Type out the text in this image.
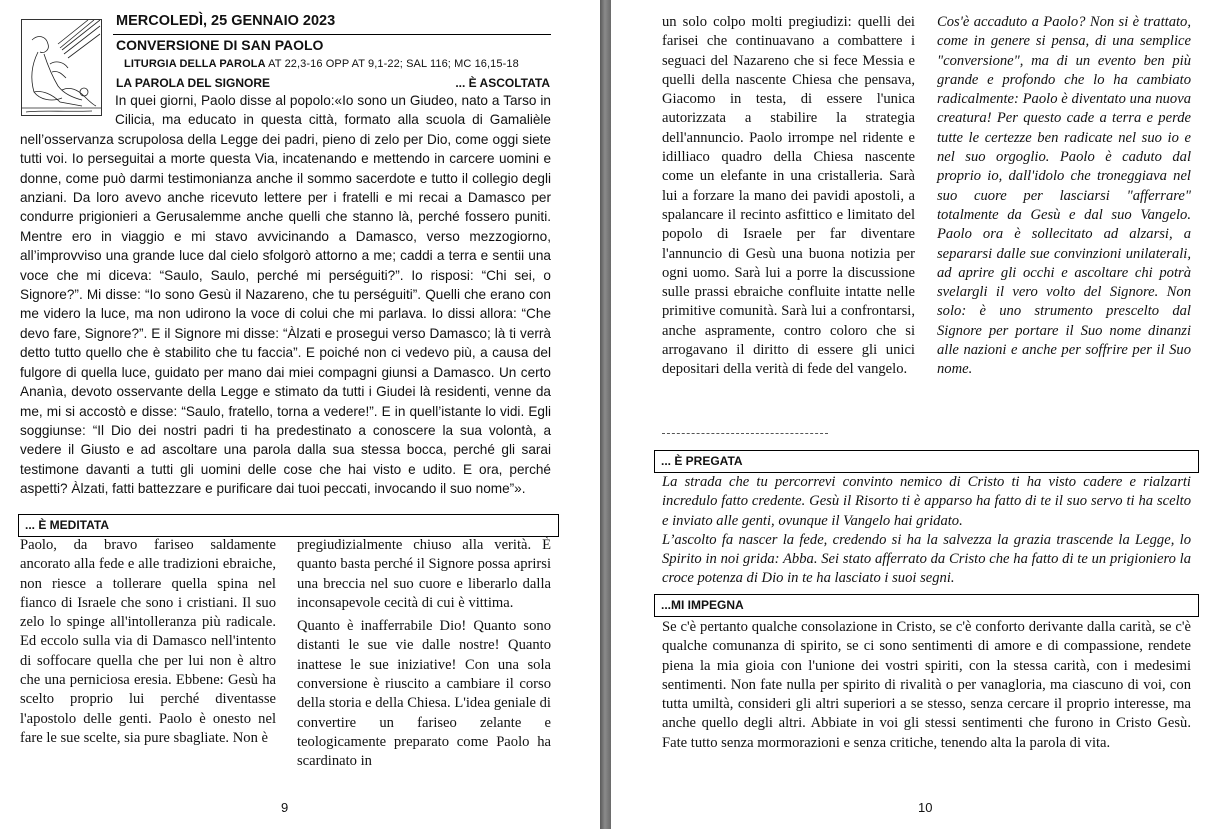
MERCOLEDÌ, 25 GENNAIO 2023
CONVERSIONE DI SAN PAOLO
LITURGIA DELLA PAROLA AT 22,3-16 OPP AT 9,1-22; SAL 116; MC 16,15-18
LA PAROLA DEL SIGNORE	... È ASCOLTATA

In quei giorni, Paolo disse al popolo:«Io sono un Giudeo, nato a Tarso in Cilicia, ma educato in questa città, formato alla scuola di Gamalièle nell’osservanza scrupolosa della Legge dei padri, pieno di zelo per Dio, come oggi siete tutti voi. Io perseguitai a morte questa Via, incatenando e mettendo in carcere uomini e donne, come può darmi testimonianza anche il sommo sacerdote e tutto il collegio degli anziani. Da loro avevo anche ricevuto lettere per i fratelli e mi recai a Damasco per condurre prigionieri a Gerusalemme anche quelli che stanno là, perché fossero puniti. Mentre ero in viaggio e mi stavo avvicinando a Damasco, verso mezzogiorno, all’improvviso una grande luce dal cielo sfolgorò attorno a me; caddi a terra e sentii una voce che mi diceva: “Saulo, Saulo, perché mi perséguiti?”. Io risposi: “Chi sei, o Signore?”. Mi disse: “Io sono Gesù il Nazareno, che tu perséguiti”. Quelli che erano con me videro la luce, ma non udirono la voce di colui che mi parlava. Io dissi allora: “Che devo fare, Signore?”. E il Signore mi disse: “Àlzati e prosegui verso Damasco; là ti verrà detto tutto quello che è stabilito che tu faccia”. E poiché non ci vedevo più, a causa del fulgore di quella luce, guidato per mano dai miei compagni giunsi a Damasco. Un certo Ananìa, devoto osservante della Legge e stimato da tutti i Giudei là residenti, venne da me, mi si accostò e disse: “Saulo, fratello, torna a vedere!”. E in quell’istante lo vidi. Egli soggiunse: “Il Dio dei nostri padri ti ha predestinato a conoscere la sua volontà, a vedere il Giusto e ad ascoltare una parola dalla sua stessa bocca, perché gli sarai testimone davanti a tutti gli uomini delle cose che hai visto e udito. E ora, perché aspetti? Àlzati, fatti battezzare e purificare dai tuoi peccati, invocando il suo nome”».

... È MEDITATA

Paolo, da bravo fariseo saldamente ancorato alla fede e alle tradizioni ebraiche, non riesce a tollerare quella spina nel fianco di Israele che sono i cristiani. Il suo zelo lo spinge all'intolleranza più radicale. Ed eccolo sulla via di Damasco nell'intento di soffocare quella che per lui non è altro che una perniciosa eresia. Ebbene: Gesù ha scelto proprio lui perché diventasse l'apostolo delle genti. Paolo è onesto nel fare le sue scelte, sia pure sbagliate. Non è

pregiudizialmente chiuso alla verità. È quanto basta perché il Signore possa aprirsi una breccia nel suo cuore e liberarlo dalla inconsapevole cecità di cui è vittima.

Quanto è inafferrabile Dio! Quanto sono distanti le sue vie dalle nostre! Quanto inattese le sue iniziative! Con una sola conversione è riuscito a cambiare il corso della storia e della Chiesa. L'idea geniale di convertire un fariseo zelante e teologicamente preparato come Paolo ha scardinato in

9

un solo colpo molti pregiudizi: quelli dei farisei che continuavano a combattere i seguaci del Nazareno che si fece Messia e quelli della nascente Chiesa che pensava, Giacomo in testa, di essere l'unica autorizzata a stabilire la strategia dell'annuncio. Paolo irrompe nel ridente e idilliaco quadro della Chiesa nascente come un elefante in una cristalleria. Sarà lui a forzare la mano dei pavidi apostoli, a spalancare il recinto asfittico e limitato del popolo di Israele per far diventare l'annuncio di Gesù una buona notizia per ogni uomo. Sarà lui a porre la discussione sulle prassi ebraiche confluite intatte nelle primitive comunità. Sarà lui a confrontarsi, anche aspramente, contro coloro che si arrogavano il diritto di essere gli unici depositari della verità di fede del vangelo.

Cos'è accaduto a Paolo? Non si è trattato, come in genere si pensa, di una semplice "conversione", ma di un evento ben più grande e profondo che lo ha cambiato radicalmente: Paolo è diventato una nuova creatura! Per questo cade a terra e perde tutte le certezze ben radicate nel suo io e nel suo orgoglio. Paolo è caduto dal proprio io, dall'idolo che troneggiava nel suo cuore per lasciarsi "afferrare" totalmente da Gesù e dal suo Vangelo. Paolo ora è sollecitato ad alzarsi, a separarsi dalle sue convinzioni unilaterali, ad aprire gli occhi e ascoltare chi potrà svelargli il vero volto del Signore. Non solo: è uno strumento prescelto dal Signore per portare il Suo nome dinanzi alle nazioni e anche per soffrire per il Suo nome.

... È PREGATA

La strada che tu percorrevi convinto nemico di Cristo ti ha visto cadere e rialzarti incredulo fatto credente. Gesù il Risorto ti è apparso ha fatto di te il suo servo ti ha scelto e inviato alle genti, ovunque il Vangelo hai gridato.

L’ascolto fa nascer la fede, credendo si ha la salvezza la grazia trascende la Legge, lo Spirito in noi grida: Abba. Sei stato afferrato da Cristo che ha fatto di te un prigioniero la croce potenza di Dio in te ha lasciato i suoi segni.

...MI IMPEGNA

Se c'è pertanto qualche consolazione in Cristo, se c'è conforto derivante dalla carità, se c'è qualche comunanza di spirito, se ci sono sentimenti di amore e di compassione, rendete piena la mia gioia con l'unione dei vostri spiriti, con la stessa carità, con i medesimi sentimenti. Non fate nulla per spirito di rivalità o per vanagloria, ma ciascuno di voi, con tutta umiltà, consideri gli altri superiori a se stesso, senza cercare il proprio interesse, ma anche quello degli altri. Abbiate in voi gli stessi sentimenti che furono in Cristo Gesù. Fate tutto senza mormorazioni e senza critiche, tenendo alta la parola di vita.

10
